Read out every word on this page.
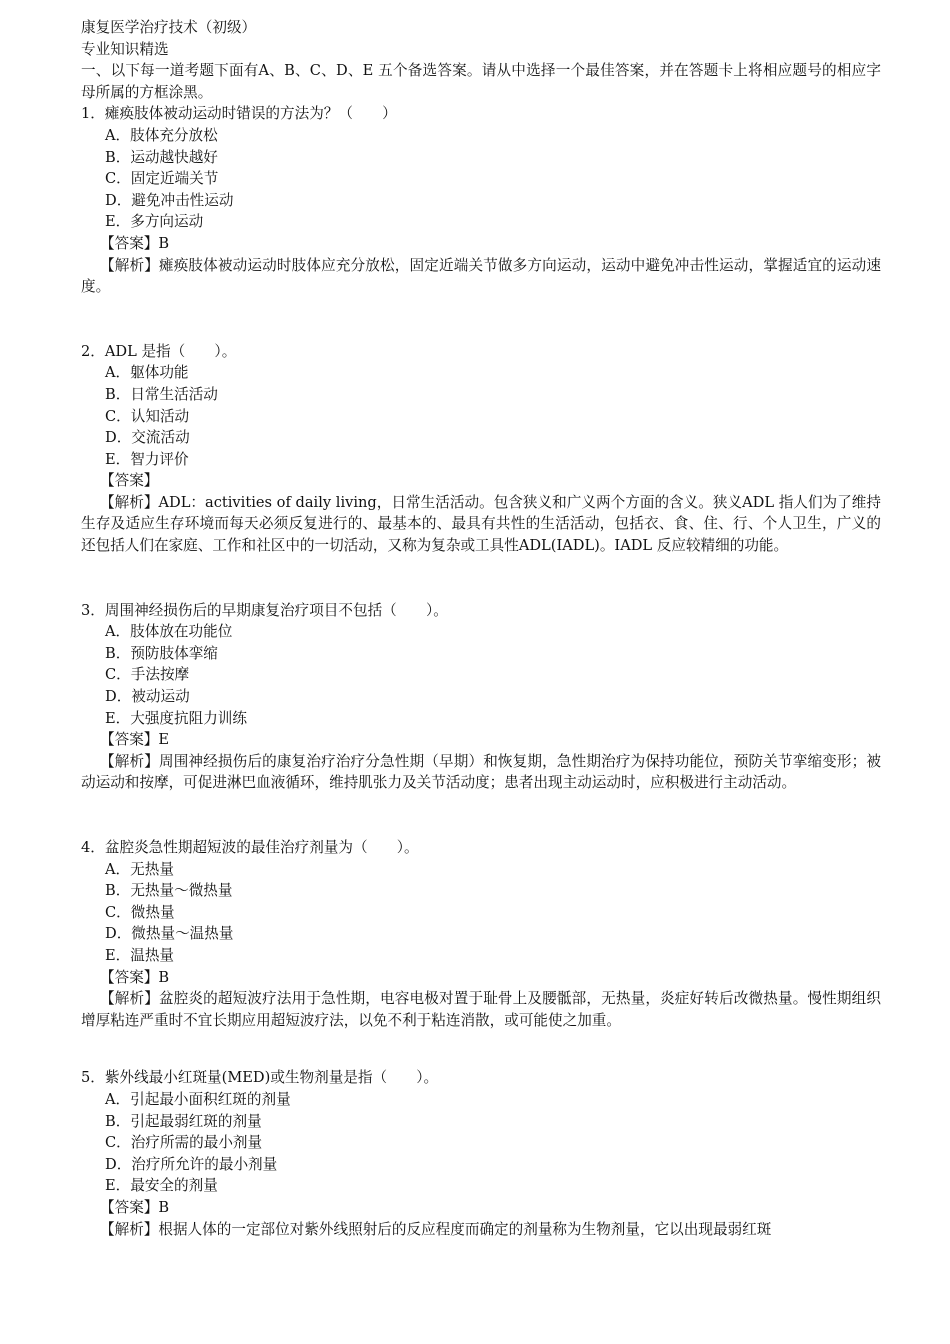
康复医学治疗技术（初级）
专业知识精选
一、以下每一道考题下面有A、B、C、D、E 五个备选答案。请从中选择一个最佳答案，并在答题卡上将相应题号的相应字母所属的方框涂黑。
1．瘫痪肢体被动运动时错误的方法为？（　　）
A．肢体充分放松
B．运动越快越好
C．固定近端关节
D．避免冲击性运动
E．多方向运动
【答案】B
【解析】瘫痪肢体被动运动时肢体应充分放松，固定近端关节做多方向运动，运动中避免冲击性运动，掌握适宜的运动速度。
2．ADL 是指（　　）。
A．躯体功能
B．日常生活活动
C．认知活动
D．交流活动
E．智力评价
【答案】
【解析】ADL：activities of daily living，日常生活活动。包含狭义和广义两个方面的含义。狭义ADL 指人们为了维持生存及适应生存环境而每天必须反复进行的、最基本的、最具有共性的生活活动，包括衣、食、住、行、个人卫生，广义的还包括人们在家庭、工作和社区中的一切活动，又称为复杂或工具性ADL(IADL)。IADL 反应较精细的功能。
3．周围神经损伤后的早期康复治疗项目不包括（　　）。
A．肢体放在功能位
B．预防肢体挛缩
C．手法按摩
D．被动运动
E．大强度抗阻力训练
【答案】E
【解析】周围神经损伤后的康复治疗治疗分急性期（早期）和恢复期，急性期治疗为保持功能位，预防关节挛缩变形；被动运动和按摩，可促进淋巴血液循环，维持肌张力及关节活动度；患者出现主动运动时，应积极进行主动活动。
4．盆腔炎急性期超短波的最佳治疗剂量为（　　）。
A．无热量
B．无热量～微热量
C．微热量
D．微热量～温热量
E．温热量
【答案】B
【解析】盆腔炎的超短波疗法用于急性期，电容电极对置于耻骨上及腰骶部，无热量，炎症好转后改微热量。慢性期组织增厚粘连严重时不宜长期应用超短波疗法，以免不利于粘连消散，或可能使之加重。
5．紫外线最小红斑量(MED)或生物剂量是指（　　）。
A．引起最小面积红斑的剂量
B．引起最弱红斑的剂量
C．治疗所需的最小剂量
D．治疗所允许的最小剂量
E．最安全的剂量
【答案】B
【解析】根据人体的一定部位对紫外线照射后的反应程度而确定的剂量称为生物剂量，它以出现最弱红斑
